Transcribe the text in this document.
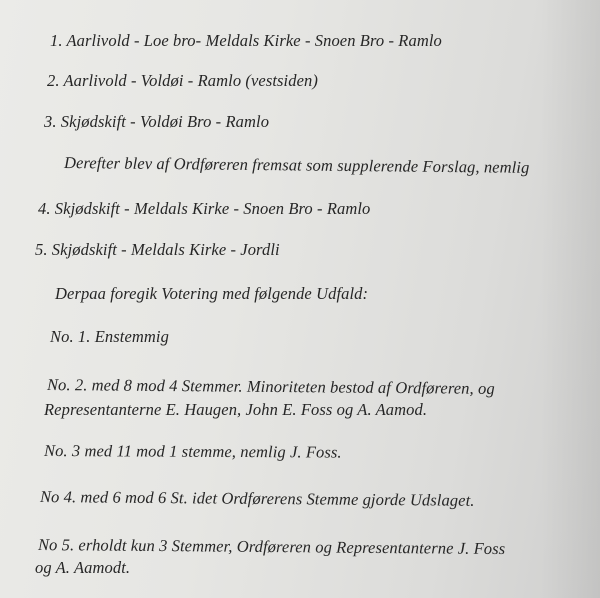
1. Aarlivold - Loe bro- Meldals Kirke - Snoen Bro - Ramlo
2. Aarlivold - Voldøi - Ramlo (vestsiden)
3. Skjødskift - Voldøi Bro - Ramlo
Derefter blev af Ordføreren fremsat som supplerende Forslag, nemlig
4. Skjødskift - Meldals Kirke - Snoen Bro - Ramlo
5. Skjødskift - Meldals Kirke - Jordli
Derpaa foregik Votering med følgende Udfald:
No. 1. Enstemmig
No. 2. med 8 mod 4 Stemmer. Minoriteten bestod af Ordføreren, og
Representanterne E. Haugen, John E. Foss og A. Aamod.
No. 3 med 11 mod 1 stemme, nemlig J. Foss.
No 4. med 6 mod 6 St. idet Ordførerens Stemme gjorde Udslaget.
No 5. erholdt kun 3 Stemmer, Ordføreren og Representanterne J. Foss
og A. Aamodt.
